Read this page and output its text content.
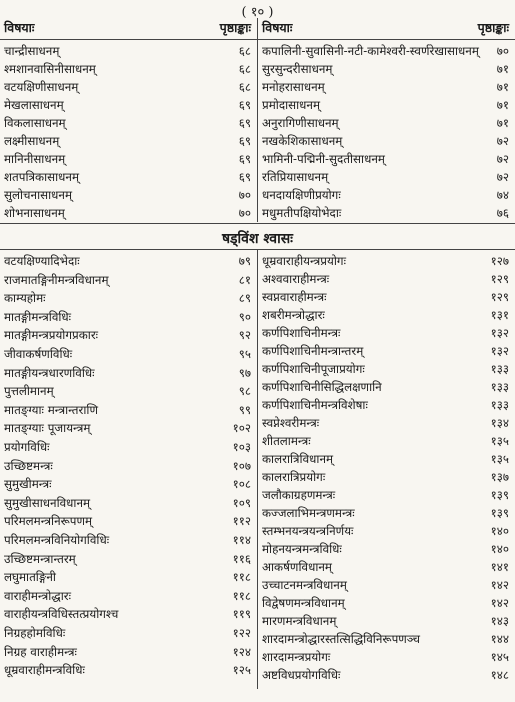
( १० )
विषयाः	पृष्ठाङ्काः विषयाः	पृष्ठाङ्काः
चान्द्रीसाधनम्	६८
श्मशानवासिनीसाधनम्	६८
वटयक्षिणीसाधनम्	६८
मेखलासाधनम्	६९
विकलासाधनम्	६९
लक्ष्मीसाधनम्	६९
मानिनीसाधनम्	६९
शतपत्रिकासाधनम्	६९
सुलोचनासाधनम्	७०
शोभनासाधनम्	७०
कपालिनी-सुवासिनी-नटी-कामेश्वरी-स्वर्णरेखासाधनम् ७०
सुरसुन्दरीसाधनम्	७१
मनोहरासाधनम्	७१
प्रमोदासाधनम्	७१
अनुरागिणीसाधनम्	७१
नखकेशिकासाधनम्	७२
भामिनी-पद्मिनी-सुदतीसाधनम्	७२
रतिप्रियासाधनम्	७२
धनदायक्षिणीप्रयोगः	७४
मधुमतीपक्षियोभेदाः	७६
षड्विंश श्वासः
वटयक्षिण्यादिभेदाः	७९
राजमातङ्गिनीमन्त्रविधानम्	८१
काम्यहोमः	८९
मातङ्गीमन्त्रविधिः	९०
मातङ्गीमन्त्रप्रयोगप्रकारः	९२
जीवाकर्षणविधिः	९५
मातङ्गीयन्त्रधारणविधिः	९७
पुत्तलीमानम्	९८
मातङ्ग्याः मन्त्रान्तराणि	९९
मातङ्ग्याः पूजायन्त्रम्	१०२
प्रयोगविधिः	१०३
उच्छिष्टमन्त्रः	१०७
सुमुखीमन्त्रः	१०८
सुमुखीसाधनविधानम्	१०९
परिमलमन्त्रनिरूपणम्	११२
परिमलमन्त्रविनियोगविधिः	११४
उच्छिष्टमन्त्रान्तरम्	११६
लघुमातङ्गिनी	११८
वाराहीमन्त्रोद्धारः	११८
वाराहीयन्त्रविधिस्तत्प्रयोगश्च	११९
निग्रहहोमविधिः	१२२
निग्रह वाराहीमन्त्रः	१२४
धूम्रवाराहीमन्त्रविधिः	१२५
धूम्रवाराहीयन्त्रप्रयोगः	१२७
अश्ववाराहीमन्त्रः	१२९
स्वप्नवाराहीमन्त्रः	१२९
शबरीमन्त्रोद्धारः	१३१
कर्णपिशाचिनीमन्त्रः	१३२
कर्णपिशाचिनीमन्त्रान्तरम्	१३२
कर्णपिशाचिनीपूजाप्रयोगः	१३३
कर्णपिशाचिनीसिद्धिलक्षणानि	१३३
कर्णपिशाचिनीमन्त्रविशेषाः	१३३
स्वप्नेश्वरीमन्त्रः	१३४
शीतलामन्त्रः	१३५
कालरात्रिविधानम्	१३५
कालरात्रिप्रयोगः	१३७
जलौकाग्रहणमन्त्रः	१३९
कज्जलाभिमन्त्रणमन्त्रः	१३९
स्तम्भनयन्त्रयन्त्रनिर्णयः	१४०
मोहनयन्त्रमन्त्रविधिः	१४०
आकर्षणविधानम्	१४१
उच्चाटनमन्त्रविधानम्	१४२
विद्वेषणमन्त्रविधानम्	१४२
मारणमन्त्रविधानम्	१४३
शारदामन्त्रोद्धारस्तत्सिद्धिविनिरूपणञ्च	१४४
शारदामन्त्रप्रयोगः	१४५
अष्टविधप्रयोगविधिः	१४८
